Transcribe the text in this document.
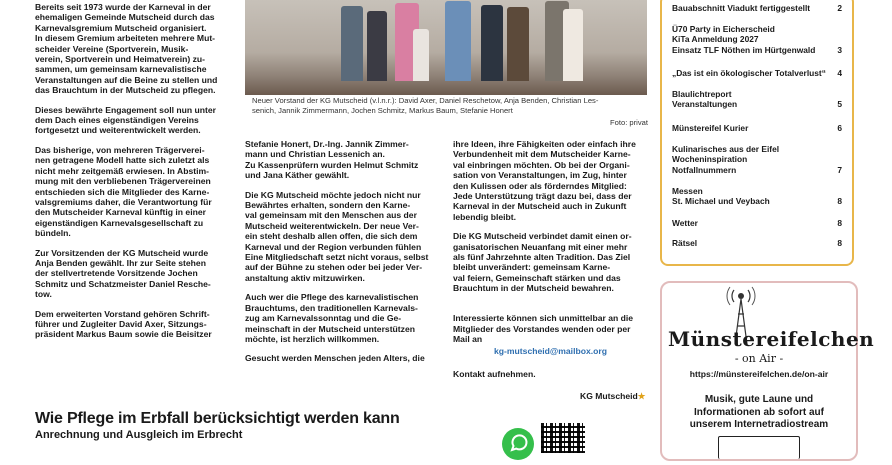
Bereits seit 1973 wurde der Karneval in der
ehemaligen Gemeinde Mutscheid durch das
Karnevalsgremium Mutscheid organisiert.
In diesem Gremium arbeiteten mehrere Mut-
scheider Vereine (Sportverein, Musik-
verein, Sportverein und Heimatverein) zu-
sammen, um gemeinsam karnevalistische
Veranstaltungen auf die Beine zu stellen und
das Brauchtum in der Mutscheid zu pflegen.

Dieses bewährte Engagement soll nun unter
dem Dach eines eigenständigen Vereins
fortgesetzt und weiterentwickelt werden.

Das bisherige, von mehreren Trägerverei-
nen getragene Modell hatte sich zuletzt als
nicht mehr zeitgemäß erwiesen. In Abstim-
mung mit den verbliebenen Trägervereinen
entschieden sich die Mitglieder des Karne-
valsgremiums daher, die Verantwortung für
den Mutscheider Karneval künftig in einer
eigenständigen Karnevalsgesellschaft zu
bündeln.

Zur Vorsitzenden der KG Mutscheid wurde
Anja Benden gewählt. Ihr zur Seite stehen
der stellvertretende Vorsitzende Jochen
Schmitz und Schatzmeister Daniel Resche-
tow.

Dem erweiterten Vorstand gehören Schrift-
führer und Zugleiter David Axer, Sitzungs-
präsident Markus Baum sowie die Beisitzer

Neuer Vorstand der KG Mutscheid (v.l.n.r.): David Axer, Daniel Reschetow, Anja Benden, Christian Les-
senich, Jannik Zimmermann, Jochen Schmitz, Markus Baum, Stefanie Honert
Foto: privat

Stefanie Honert, Dr.-Ing. Jannik Zimmer-
mann und Christian Lessenich an.
Zu Kassenprüfern wurden Helmut Schmitz
und Jana Käther gewählt.

Die KG Mutscheid möchte jedoch nicht nur
Bewährtes erhalten, sondern den Karne-
val gemeinsam mit den Menschen aus der
Mutscheid weiterentwickeln. Der neue Ver-
ein steht deshalb allen offen, die sich dem
Karneval und der Region verbunden fühlen
Eine Mitgliedschaft setzt nicht voraus, selbst
auf der Bühne zu stehen oder bei jeder Ver-
anstaltung aktiv mitzuwirken.

Auch wer die Pflege des karnevalistischen
Brauchtums, den traditionellen Karnevals-
zug am Karnevalssonntag und die Ge-
meinschaft in der Mutscheid unterstützen
möchte, ist herzlich willkommen.

Gesucht werden Menschen jeden Alters, die

ihre Ideen, ihre Fähigkeiten oder einfach ihre
Verbundenheit mit dem Mutscheider Karne-
val einbringen möchten. Ob bei der Organi-
sation von Veranstaltungen, im Zug, hinter
den Kulissen oder als förderndes Mitglied:
Jede Unterstützung trägt dazu bei, dass der
Karneval in der Mutscheid auch in Zukunft
lebendig bleibt.

Die KG Mutscheid verbindet damit einen or-
ganisatorischen Neuanfang mit einer mehr
als fünf Jahrzehnte alten Tradition. Das Ziel
bleibt unverändert: gemeinsam Karne-
val feiern, Gemeinschaft stärken und das
Brauchtum in der Mutscheid bewahren.

Interessierte können sich unmittelbar an die
Mitglieder des Vorstandes wenden oder per
Mail an

kg-mutscheid@mailbox.org

Kontakt aufnehmen.

KG Mutscheid★
Wie Pflege im Erbfall berücksichtigt werden kann
Anrechnung und Ausgleich im Erbrecht
Bauabschnitt Viadukt fertiggestellt	2
Ü70 Party in Eicherscheid
KiTa Anmeldung 2027
Einsatz TLF Nöthen im Hürtgenwald	3
„Das ist ein ökologischer Totalverlust“ 4
Blaulichtreport
Veranstaltungen	5
Münstereifel Kurier	6
Kulinarisches aus der Eifel
Wocheninspiration
Notfallnummern	7
Messen
St. Michael und Veybach	8
Wetter	8
Rätsel	8
Münstereifelchen
- on Air -
https://münstereifelchen.de/on-air
Musik, gute Laune und
Informationen ab sofort auf
unserem Internetradiostream
